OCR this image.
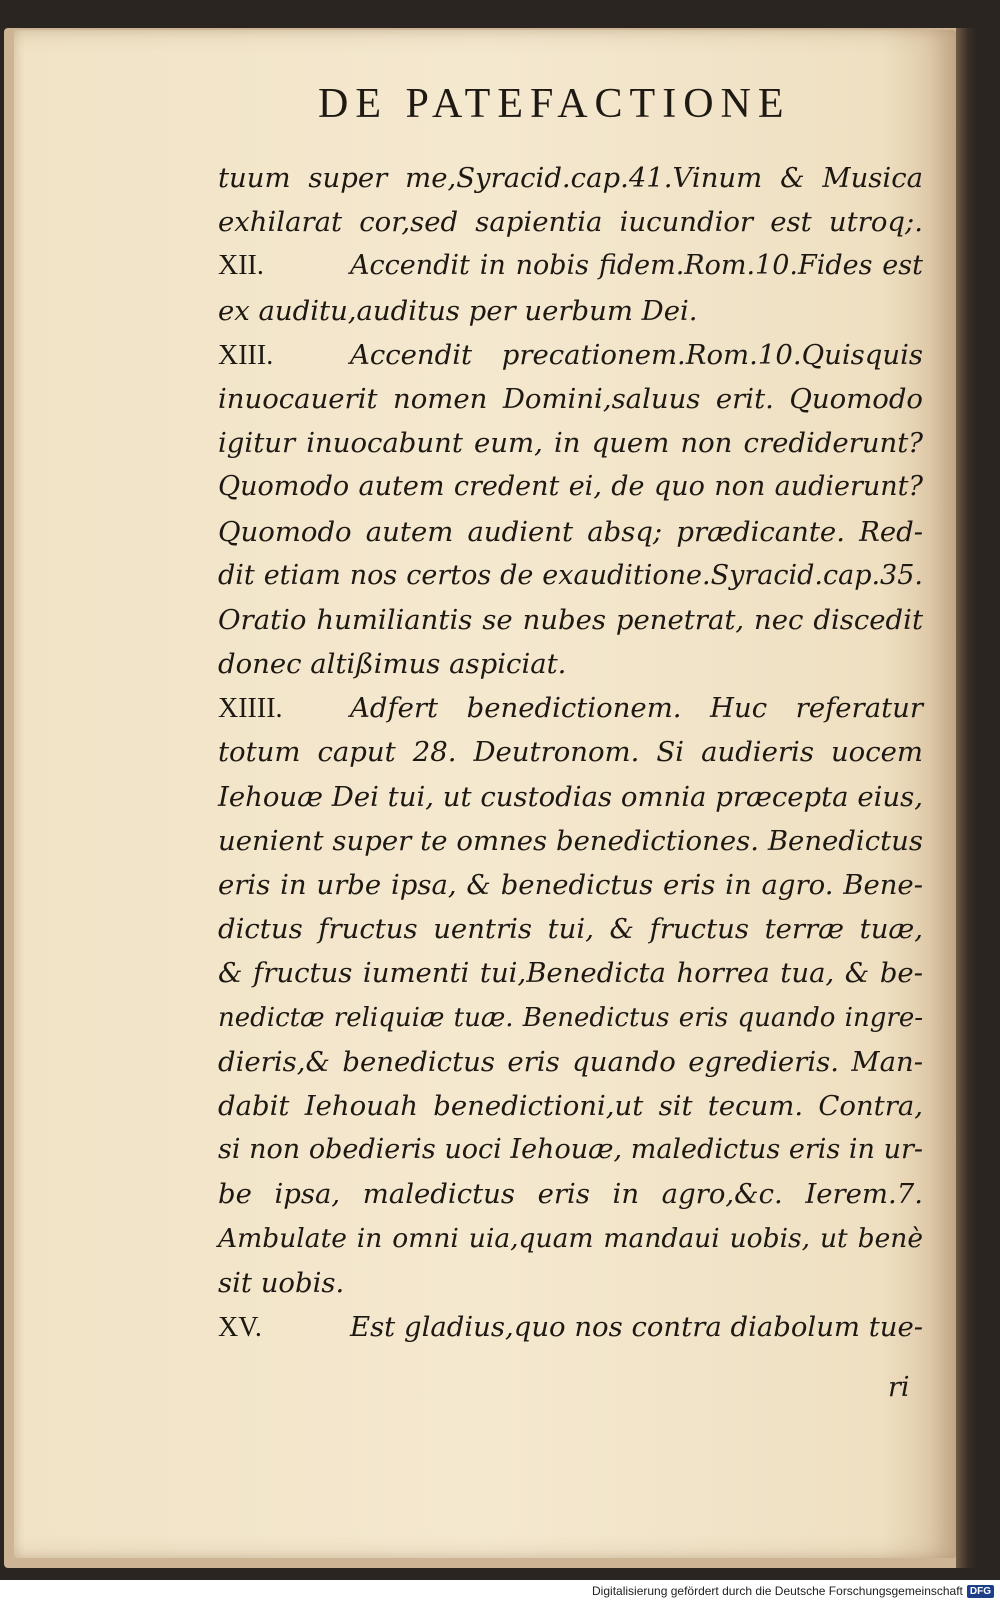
DE PATEFACTIONE
tuum super me,Syracid.cap.41.Vinum & Musica
exhilarat cor,sed sapientia iucundior est utroq;.
XII.	Accendit in nobis fidem.Rom.10.Fides est
ex auditu,auditus per uerbum Dei.
XIII.	Accendit precationem.Rom.10.Quisquis
inuocauerit nomen Domini,saluus erit. Quomodo
igitur inuocabunt eum, in quem non crediderunt?
Quomodo autem credent ei, de quo non audierunt?
Quomodo autem audient absq; prædicante. Red-
dit etiam nos certos de exauditione.Syracid.cap.35.
Oratio humiliantis se nubes penetrat, nec discedit
donec altißimus aspiciat.
XIIII. Adfert benedictionem. Huc referatur
totum caput 28. Deutronom. Si audieris uocem
Iehouæ Dei tui, ut custodias omnia præcepta eius,
uenient super te omnes benedictiones. Benedictus
eris in urbe ipsa, & benedictus eris in agro. Bene-
dictus fructus uentris tui, & fructus terræ tuæ,
& fructus iumenti tui,Benedicta horrea tua, & be-
nedictæ reliquiæ tuæ. Benedictus eris quando ingre-
dieris,& benedictus eris quando egredieris. Man-
dabit Iehouah benedictioni,ut sit tecum. Contra,
si non obedieris uoci Iehouæ, maledictus eris in ur-
be ipsa, maledictus eris in agro,&c. Ierem.7.
Ambulate in omni uia,quam mandaui uobis, ut benè
sit uobis.
XV.	Est gladius,quo nos contra diabolum tue-
ri
Digitalisierung gefördert durch die Deutsche Forschungsgemeinschaft DFG
